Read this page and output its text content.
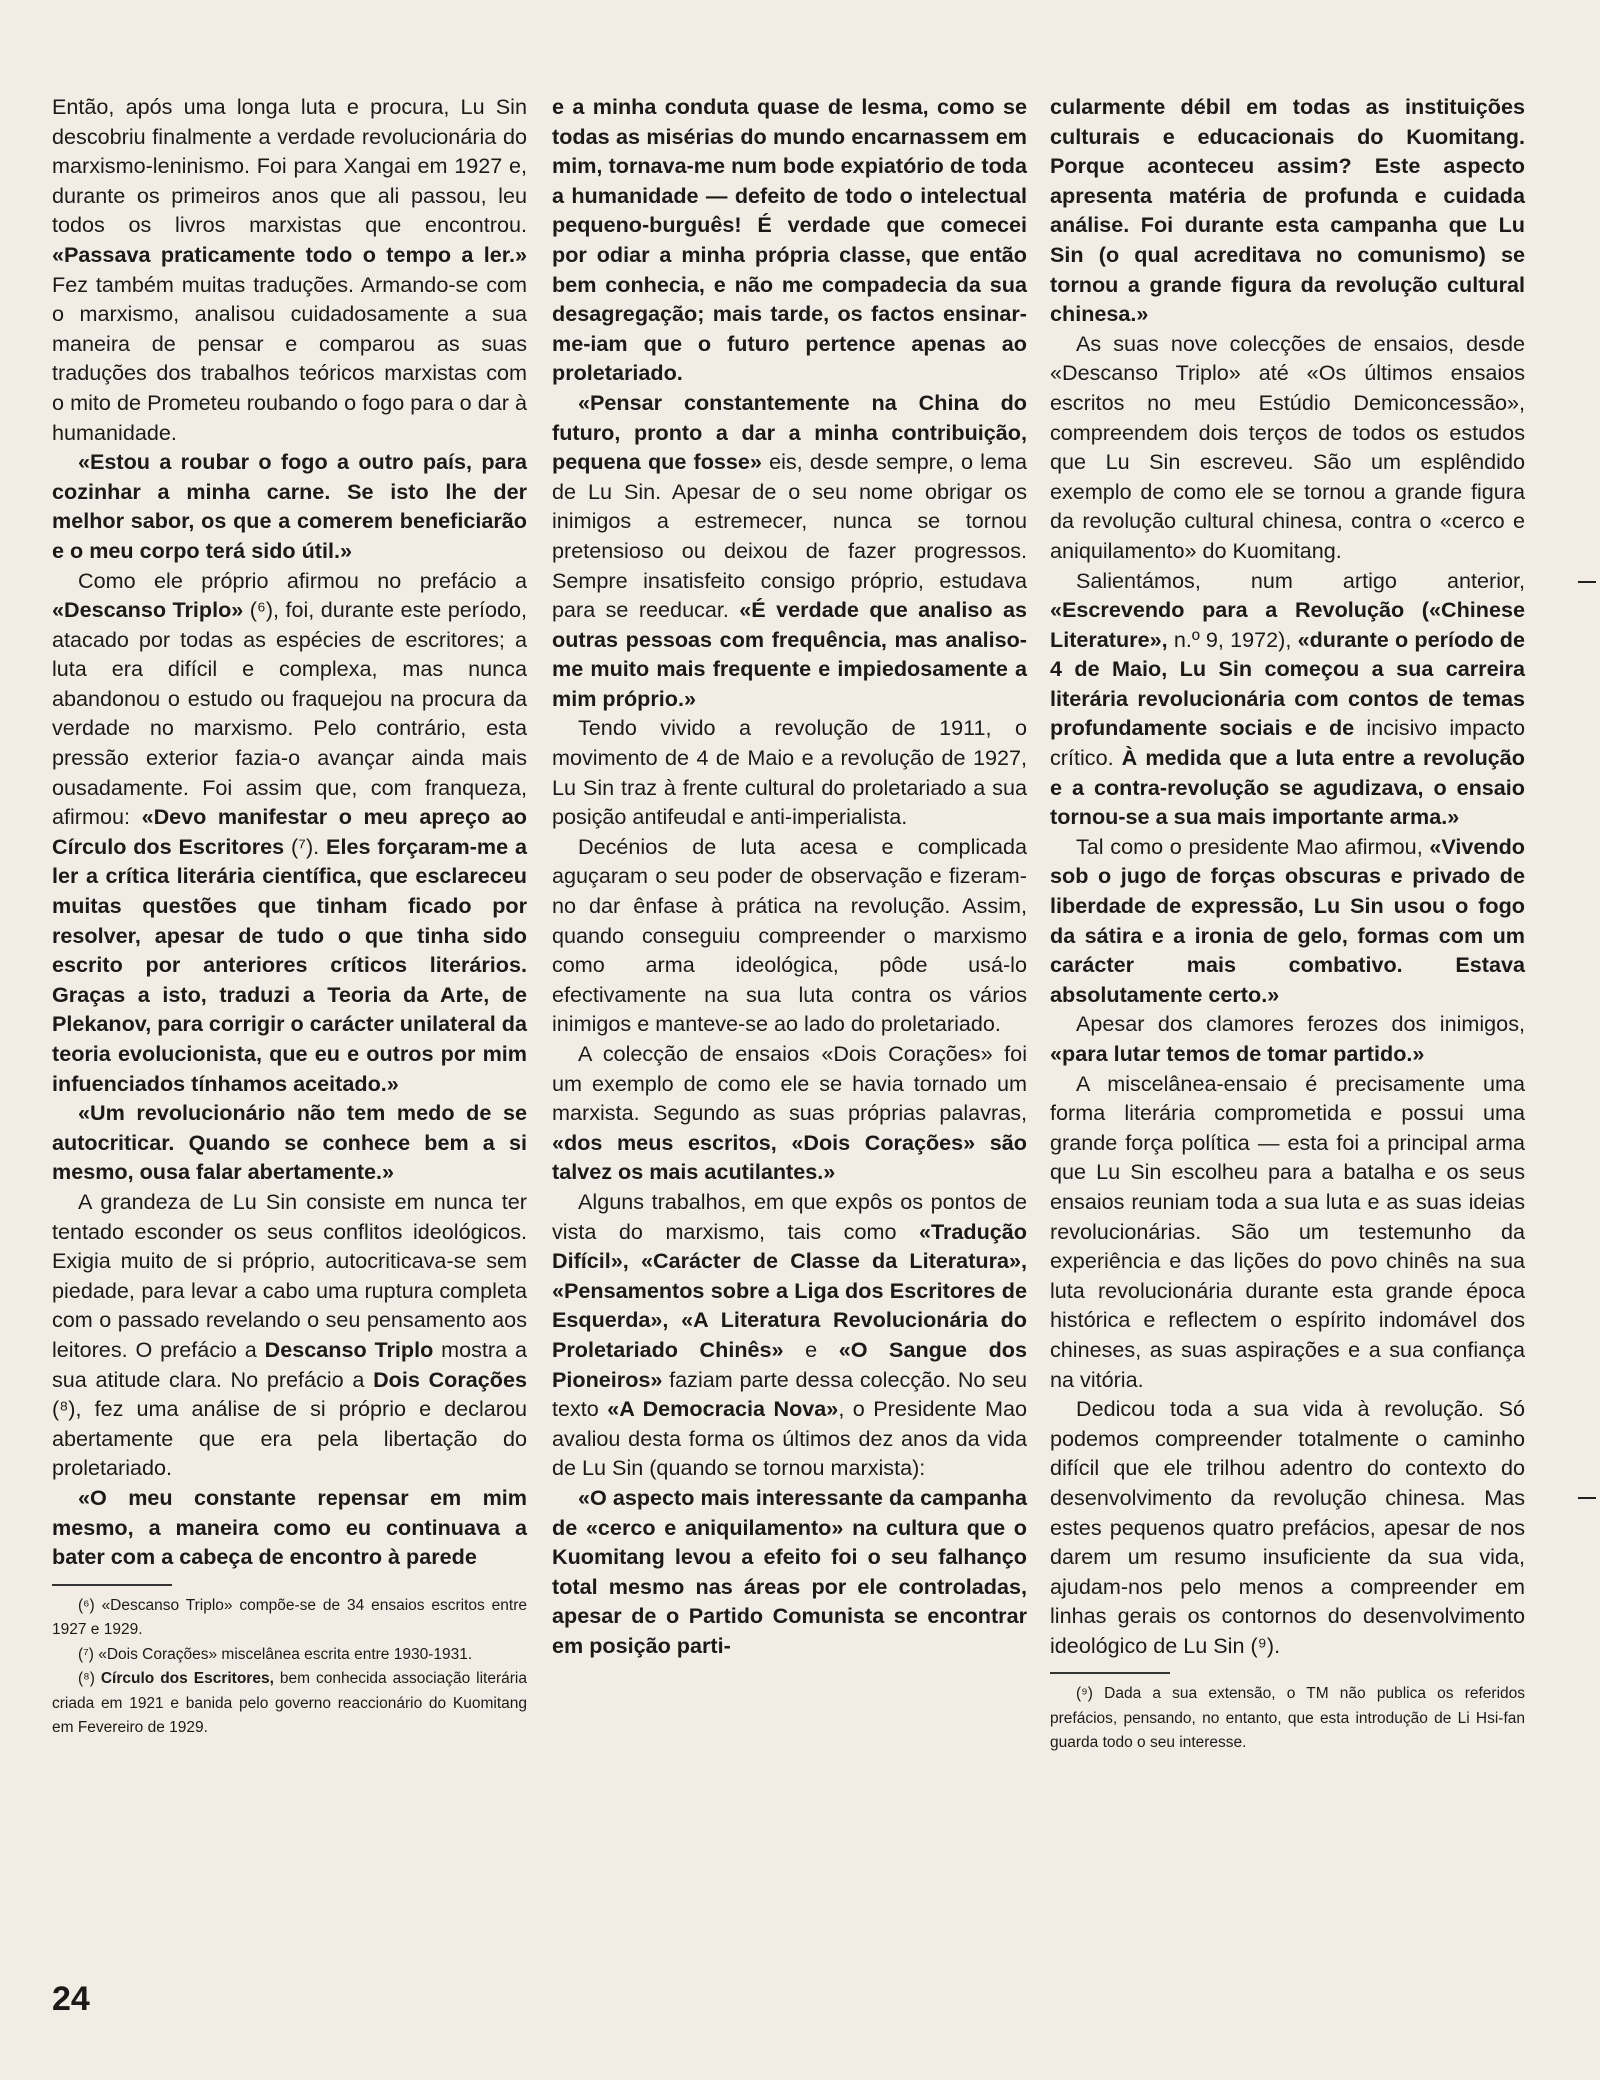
Então, após uma longa luta e procura, Lu Sin descobriu finalmente a verdade revolucionária do marxismo-leninismo. Foi para Xangai em 1927 e, durante os primeiros anos que ali passou, leu todos os livros marxistas que encontrou. «Passava praticamente todo o tempo a ler.» Fez também muitas traduções. Armando-se com o marxismo, analisou cuidadosamente a sua maneira de pensar e comparou as suas traduções dos trabalhos teóricos marxistas com o mito de Prometeu roubando o fogo para o dar à humanidade.

«Estou a roubar o fogo a outro país, para cozinhar a minha carne. Se isto lhe der melhor sabor, os que a comerem beneficiarão e o meu corpo terá sido útil.»

Como ele próprio afirmou no prefácio a «Descanso Triplo» (⁶), foi, durante este período, atacado por todas as espécies de escritores; a luta era difícil e complexa, mas nunca abandonou o estudo ou fraquejou na procura da verdade no marxismo. Pelo contrário, esta pressão exterior fazia-o avançar ainda mais ousadamente. Foi assim que, com franqueza, afirmou: «Devo manifestar o meu apreço ao Círculo dos Escritores (⁷). Eles forçaram-me a ler a crítica literária científica, que esclareceu muitas questões que tinham ficado por resolver, apesar de tudo o que tinha sido escrito por anteriores críticos literários. Graças a isto, traduzi a Teoria da Arte, de Plekanov, para corrigir o carácter unilateral da teoria evolucionista, que eu e outros por mim infuenciados tínhamos aceitado.»

«Um revolucionário não tem medo de se autocriticar. Quando se conhece bem a si mesmo, ousa falar abertamente.»

A grandeza de Lu Sin consiste em nunca ter tentado esconder os seus conflitos ideológicos. Exigia muito de si próprio, autocriticava-se sem piedade, para levar a cabo uma ruptura completa com o passado revelando o seu pensamento aos leitores. O prefácio a Descanso Triplo mostra a sua atitude clara. No prefácio a Dois Corações (⁸), fez uma análise de si próprio e declarou abertamente que era pela libertação do proletariado.

«O meu constante repensar em mim mesmo, a maneira como eu continuava a bater com a cabeça de encontro à parede

(⁶) «Descanso Triplo» compõe-se de 34 ensaios escritos entre 1927 e 1929.

(⁷) «Dois Corações» miscelânea escrita entre 1930-1931.

(⁸) Círculo dos Escritores, bem conhecida associação literária criada em 1921 e banida pelo governo reaccionário do Kuomitang em Fevereiro de 1929.

e a minha conduta quase de lesma, como se todas as misérias do mundo encarnassem em mim, tornava-me num bode expiatório de toda a humanidade — defeito de todo o intelectual pequeno-burguês! É verdade que comecei por odiar a minha própria classe, que então bem conhecia, e não me compadecia da sua desagregação; mais tarde, os factos ensinar-me-iam que o futuro pertence apenas ao proletariado.

«Pensar constantemente na China do futuro, pronto a dar a minha contribuição, pequena que fosse» eis, desde sempre, o lema de Lu Sin. Apesar de o seu nome obrigar os inimigos a estremecer, nunca se tornou pretensioso ou deixou de fazer progressos. Sempre insatisfeito consigo próprio, estudava para se reeducar. «É verdade que analiso as outras pessoas com frequência, mas analiso-me muito mais frequente e impiedosamente a mim próprio.»

Tendo vivido a revolução de 1911, o movimento de 4 de Maio e a revolução de 1927, Lu Sin traz à frente cultural do proletariado a sua posição antifeudal e anti-imperialista.

Decénios de luta acesa e complicada aguçaram o seu poder de observação e fizeram-no dar ênfase à prática na revolução. Assim, quando conseguiu compreender o marxismo como arma ideológica, pôde usá-lo efectivamente na sua luta contra os vários inimigos e manteve-se ao lado do proletariado.

A colecção de ensaios «Dois Corações» foi um exemplo de como ele se havia tornado um marxista. Segundo as suas próprias palavras, «dos meus escritos, «Dois Corações» são talvez os mais acutilantes.»

Alguns trabalhos, em que expôs os pontos de vista do marxismo, tais como «Tradução Difícil», «Carácter de Classe da Literatura», «Pensamentos sobre a Liga dos Escritores de Esquerda», «A Literatura Revolucionária do Proletariado Chinês» e «O Sangue dos Pioneiros» faziam parte dessa colecção. No seu texto «A Democracia Nova», o Presidente Mao avaliou desta forma os últimos dez anos da vida de Lu Sin (quando se tornou marxista):

«O aspecto mais interessante da campanha de «cerco e aniquilamento» na cultura que o Kuomitang levou a efeito foi o seu falhanço total mesmo nas áreas por ele controladas, apesar de o Partido Comunista se encontrar em posição parti-

cularmente débil em todas as instituições culturais e educacionais do Kuomitang. Porque aconteceu assim? Este aspecto apresenta matéria de profunda e cuidada análise. Foi durante esta campanha que Lu Sin (o qual acreditava no comunismo) se tornou a grande figura da revolução cultural chinesa.»

As suas nove colecções de ensaios, desde «Descanso Triplo» até «Os últimos ensaios escritos no meu Estúdio Demiconcessão», compreendem dois terços de todos os estudos que Lu Sin escreveu. São um esplêndido exemplo de como ele se tornou a grande figura da revolução cultural chinesa, contra o «cerco e aniquilamento» do Kuomitang.

Salientámos, num artigo anterior, «Escrevendo para a Revolução («Chinese Literature», n.º 9, 1972), «durante o período de 4 de Maio, Lu Sin começou a sua carreira literária revolucionária com contos de temas profundamente sociais e de incisivo impacto crítico. À medida que a luta entre a revolução e a contra-revolução se agudizava, o ensaio tornou-se a sua mais importante arma.»

Tal como o presidente Mao afirmou, «Vivendo sob o jugo de forças obscuras e privado de liberdade de expressão, Lu Sin usou o fogo da sátira e a ironia de gelo, formas com um carácter mais combativo. Estava absolutamente certo.»

Apesar dos clamores ferozes dos inimigos, «para lutar temos de tomar partido.»

A miscelânea-ensaio é precisamente uma forma literária comprometida e possui uma grande força política — esta foi a principal arma que Lu Sin escolheu para a batalha e os seus ensaios reuniam toda a sua luta e as suas ideias revolucionárias. São um testemunho da experiência e das lições do povo chinês na sua luta revolucionária durante esta grande época histórica e reflectem o espírito indomável dos chineses, as suas aspirações e a sua confiança na vitória.

Dedicou toda a sua vida à revolução. Só podemos compreender totalmente o caminho difícil que ele trilhou adentro do contexto do desenvolvimento da revolução chinesa. Mas estes pequenos quatro prefácios, apesar de nos darem um resumo insuficiente da sua vida, ajudam-nos pelo menos a compreender em linhas gerais os contornos do desenvolvimento ideológico de Lu Sin (⁹).

(⁹) Dada a sua extensão, o TM não publica os referidos prefácios, pensando, no entanto, que esta introdução de Li Hsi-fan guarda todo o seu interesse.

24
